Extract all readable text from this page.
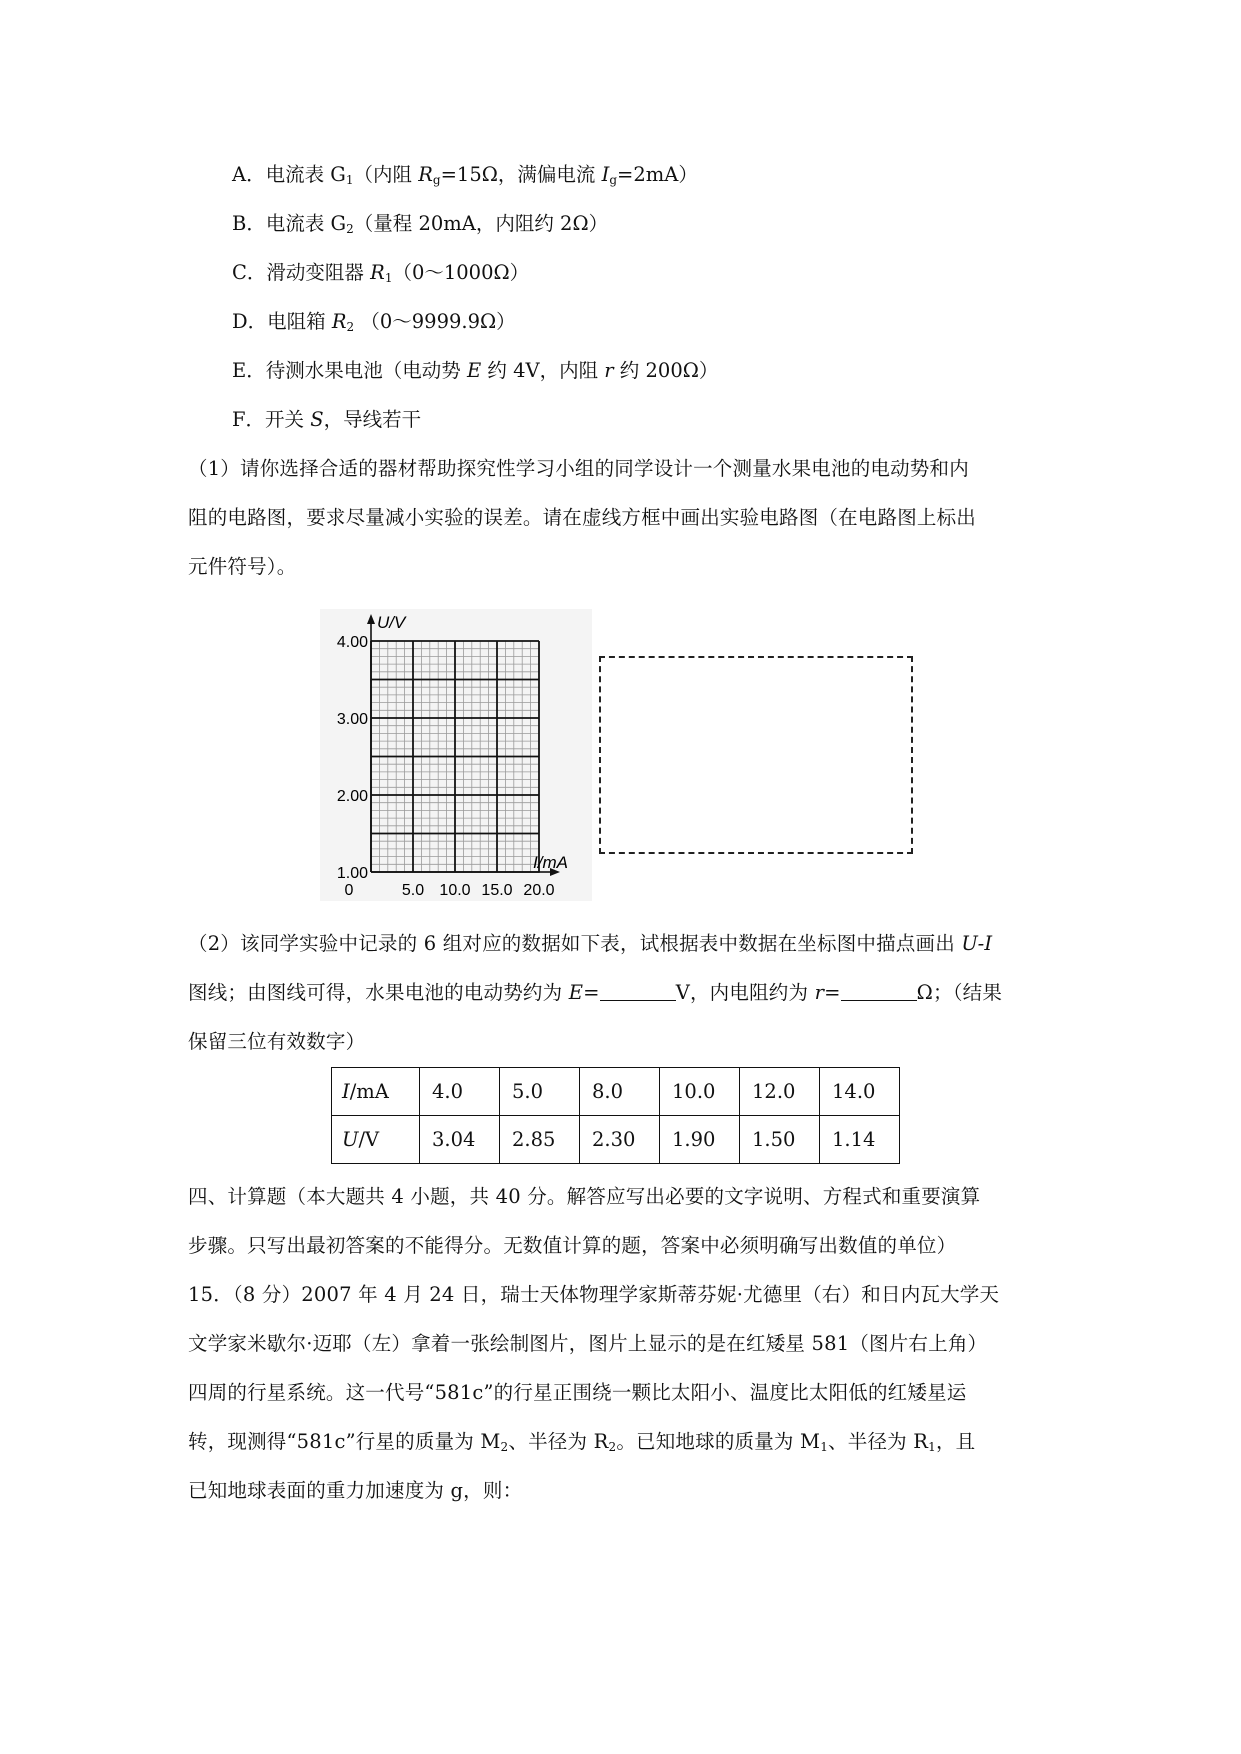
A．电流表 $G_1$（内阻 $R_g=15\Omega$，满偏电流 $I_g=2mA$）
B．电流表 $G_2$（量程 20mA，内阻约 2Ω）
C．滑动变阻器 $R_1(0\sim 1000\Omega)$
D．电阻箱 $R_2$ （0～9999.9Ω）
E．待测水果电池（电动势 E 约 4V，内阻 r 约 200Ω）
F．开关 S，导线若干
（1）请你选择合适的器材帮助探究性学习小组的同学设计一个测量水果电池的电动势和内
阻的电路图，要求尽量减小实验的误差。请在虚线方框中画出实验电路图（在电路图上标出
元件符号）。
U/V
I/mA
1.00
2.00
3.00
4.00
0	5.0 10.0 15.0 20.0
（2）该同学实验中记录的 6 组对应的数据如下表，试根据表中数据在坐标图中描点画出 U-I
图线；由图线可得，水果电池的电动势约为 E=	V，内电阻约为 r=	Ω；（结果
保留三位有效数字）
I/mA	4.0	5.0	8.0	10.0	12.0	14.0
U/V	3.04	2.85	2.30	1.90	1.50	1.14
四、计算题（本大题共 4 小题，共 40 分。解答应写出必要的文字说明、方程式和重要演算
步骤。只写出最初答案的不能得分。无数值计算的题，答案中必须明确写出数值的单位）
15．（8 分）2007 年 4 月 24 日，瑞士天体物理学家斯蒂芬妮·尤德里（右）和日内瓦大学天
文学家米歇尔·迈耶（左）拿着一张绘制图片，图片上显示的是在红矮星 581（图片右上角）
四周的行星系统。这一代号“581c”的行星正围绕一颗比太阳小、温度比太阳低的红矮星运
转，现测得“581c”行星的质量为 $M_2$、半径为 $R_2$。已知地球的质量为 $M_1$、半径为 $R_1$，且
已知地球表面的重力加速度为 g，则：
